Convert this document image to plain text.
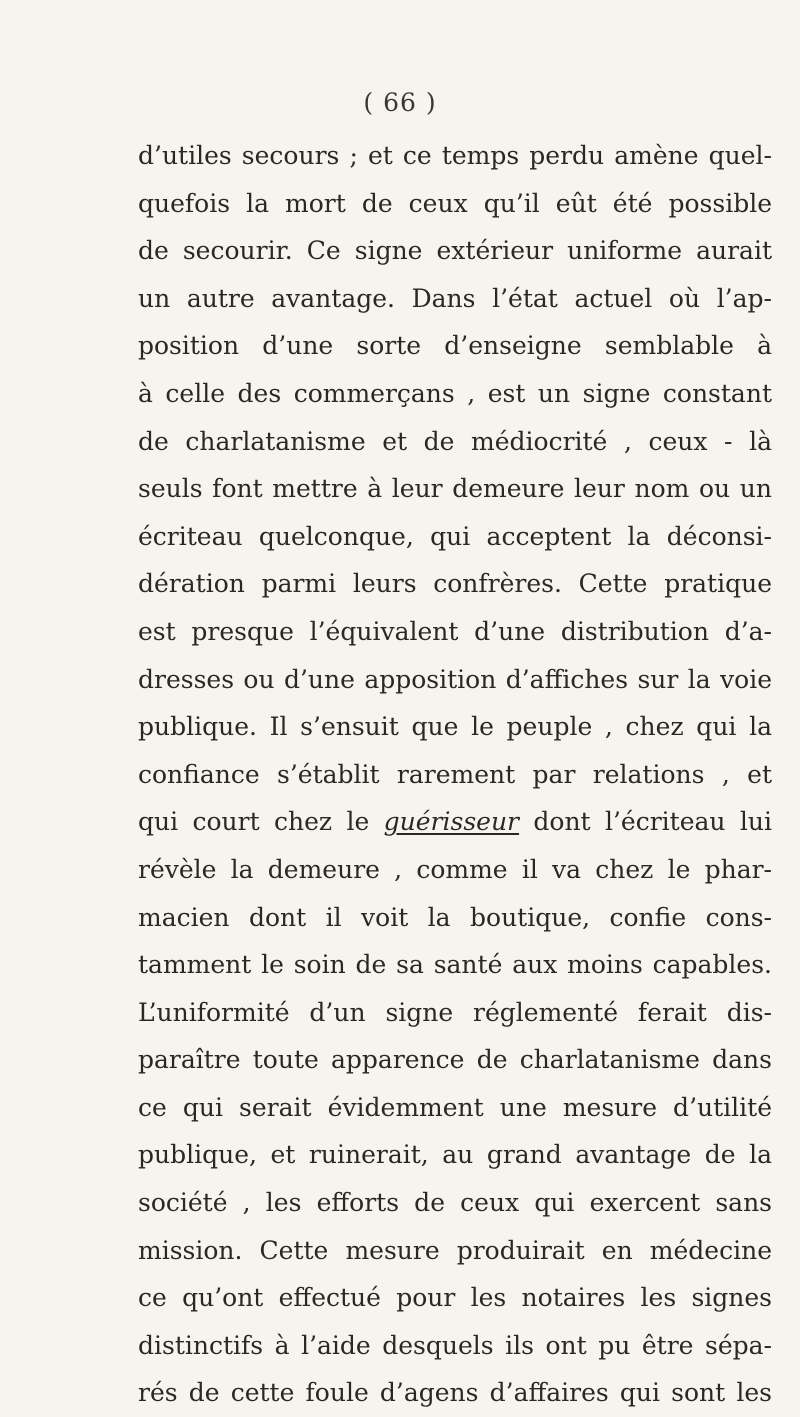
( 66 )
d’utiles secours ; et ce temps perdu amène quel-
quefois la mort de ceux qu’il eût été possible
de secourir. Ce signe extérieur uniforme aurait
un autre avantage. Dans l’état actuel où l’ap-
position d’une sorte d’enseigne semblable à
à celle des commerçans , est un signe constant
de charlatanisme et de médiocrité , ceux - là
seuls font mettre à leur demeure leur nom ou un
écriteau quelconque, qui acceptent la déconsi-
dération parmi leurs confrères. Cette pratique
est presque l’équivalent d’une distribution d’a-
dresses ou d’une apposition d’affiches sur la voie
publique. Il s’ensuit que le peuple , chez qui la
confiance s’établit rarement par relations , et
qui court chez le guérisseur dont l’écriteau lui
révèle la demeure , comme il va chez le phar-
macien dont il voit la boutique, confie cons-
tamment le soin de sa santé aux moins capables.
L’uniformité d’un signe réglementé ferait dis-
paraître toute apparence de charlatanisme dans
ce qui serait évidemment une mesure d’utilité
publique, et ruinerait, au grand avantage de la
société , les efforts de ceux qui exercent sans
mission. Cette mesure produirait en médecine
ce qu’ont effectué pour les notaires les signes
distinctifs à l’aide desquels ils ont pu être sépa-
rés de cette foule d’agens d’affaires qui sont les
